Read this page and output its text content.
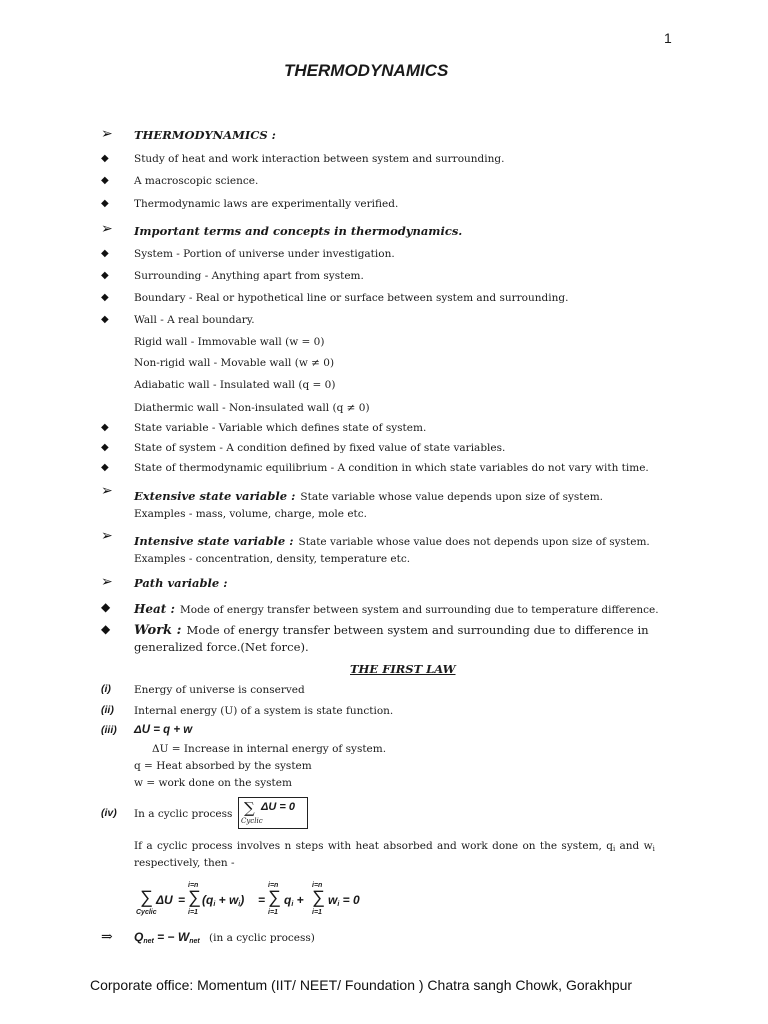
1
THERMODYNAMICS
➢ THERMODYNAMICS :
◆ Study of heat and work interaction between system and surrounding.
◆ A macroscopic science.
◆ Thermodynamic laws are experimentally verified.
➢ Important terms and concepts in thermodynamics.
◆ System - Portion of universe under investigation.
◆ Surrounding - Anything apart from system.
◆ Boundary - Real or hypothetical line or surface between system and surrounding.
◆ Wall - A real boundary.
Rigid wall - Immovable wall (w = 0)
Non-rigid wall - Movable wall (w ≠ 0)
Adiabatic wall - Insulated wall (q = 0)
Diathermic wall - Non-insulated wall (q ≠ 0)
◆ State variable - Variable which defines state of system.
◆ State of system - A condition defined by fixed value of state variables.
◆ State of thermodynamic equilibrium - A condition in which state variables do not vary with time.
➢ Extensive state variable : State variable whose value depends upon size of system.
Examples - mass, volume, charge, mole etc.
➢ Intensive state variable : State variable whose value does not depends upon size of system.
Examples - concentration, density, temperature etc.
➢ Path variable :
◆ Heat : Mode of energy transfer between system and surrounding due to temperature difference.
◆ Work : Mode of energy transfer between system and surrounding due to difference in
generalized force.(Net force).
THE FIRST LAW
(i) Energy of universe is conserved
(ii) Internal energy (U) of a system is state function.
(iii) ΔU = q + w
ΔU = Increase in internal energy of system.
q = Heat absorbed by the system
w = work done on the system
(iv) In a cyclic process ∑ ΔU = 0
Cyclic
If a cyclic process involves n steps with heat absorbed and work done on the system, $q_i$ and $w_i$
respectively, then -
∑
Cyclic
ΔU = ∑
i=n
i=1
$(q_i + w_i)$ = ∑
i=n
i=1
$q_i$ + ∑
i=n
i=1
$w_i = 0$
⇒ $Q_{net}$ = − $W_{net}$ (in a cyclic process)
Corporate office: Momentum (IIT/ NEET/ Foundation ) Chatra sangh Chowk, Gorakhpur
